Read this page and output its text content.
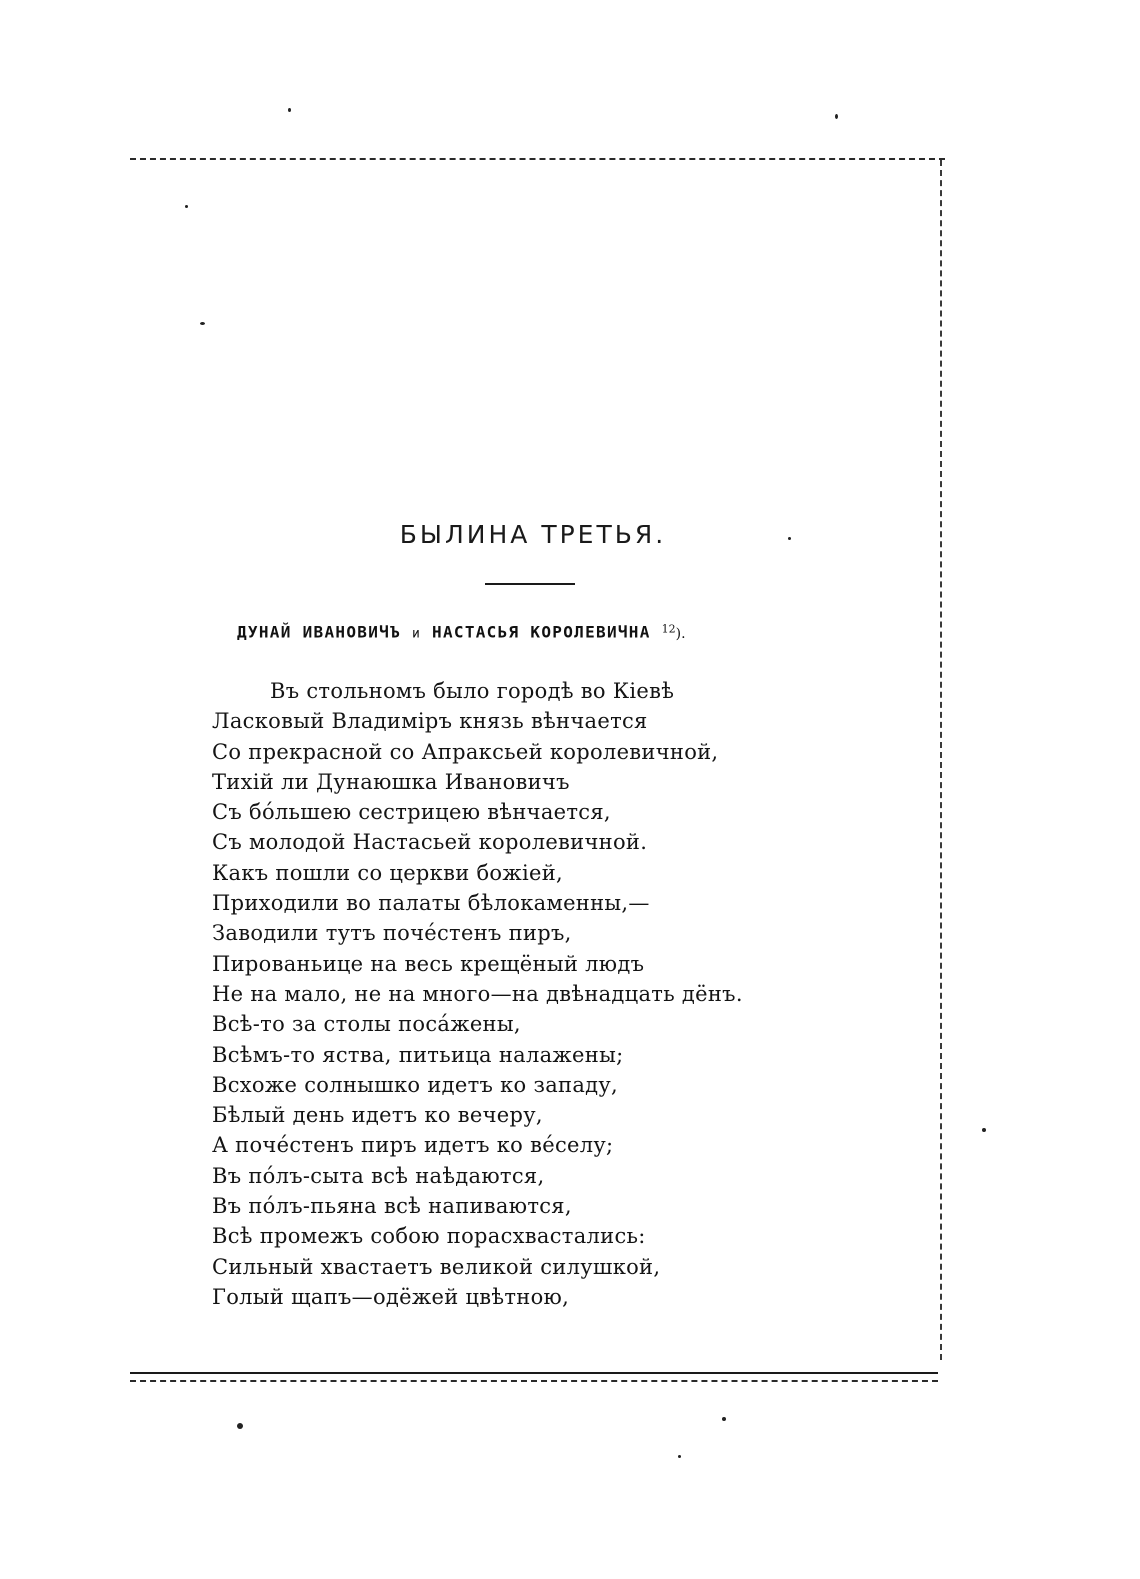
БЫЛИНА ТРЕТЬЯ.
ДУНАЙ ИВАНОВИЧЪ и НАСТАСЬЯ КОРОЛЕВИЧНА $^{12}$).
Въ стольномъ было городѣ во Кіевѣ
Ласковый Владиміръ князь вѣнчается
Со прекрасной со Апраксьей королевичной,
Тихій ли Дунаюшка Ивановичъ
Съ бо́льшею сестрицею вѣнчается,
Съ молодой Настасьей королевичной.
Какъ пошли со церкви божіей,
Приходили во палаты бѣлокаменны,—
Заводили тутъ поче́стенъ пиръ,
Пированьице на весь крещёный людъ
Не на мало, не на много—на двѣнадцать дёнъ.
Всѣ-то за столы поса́жены,
Всѣмъ-то яства, питьица налажены;
Всхоже солнышко идетъ ко западу,
Бѣлый день идетъ ко вечеру,
А поче́стенъ пиръ идетъ ко ве́селу;
Въ по́лъ-сыта всѣ наѣдаются,
Въ по́лъ-пьяна всѣ напиваются,
Всѣ промежъ собою порасхвастались:
Сильный хвастаетъ великой силушкой,
Голый щапъ—одёжей цвѣтною,
